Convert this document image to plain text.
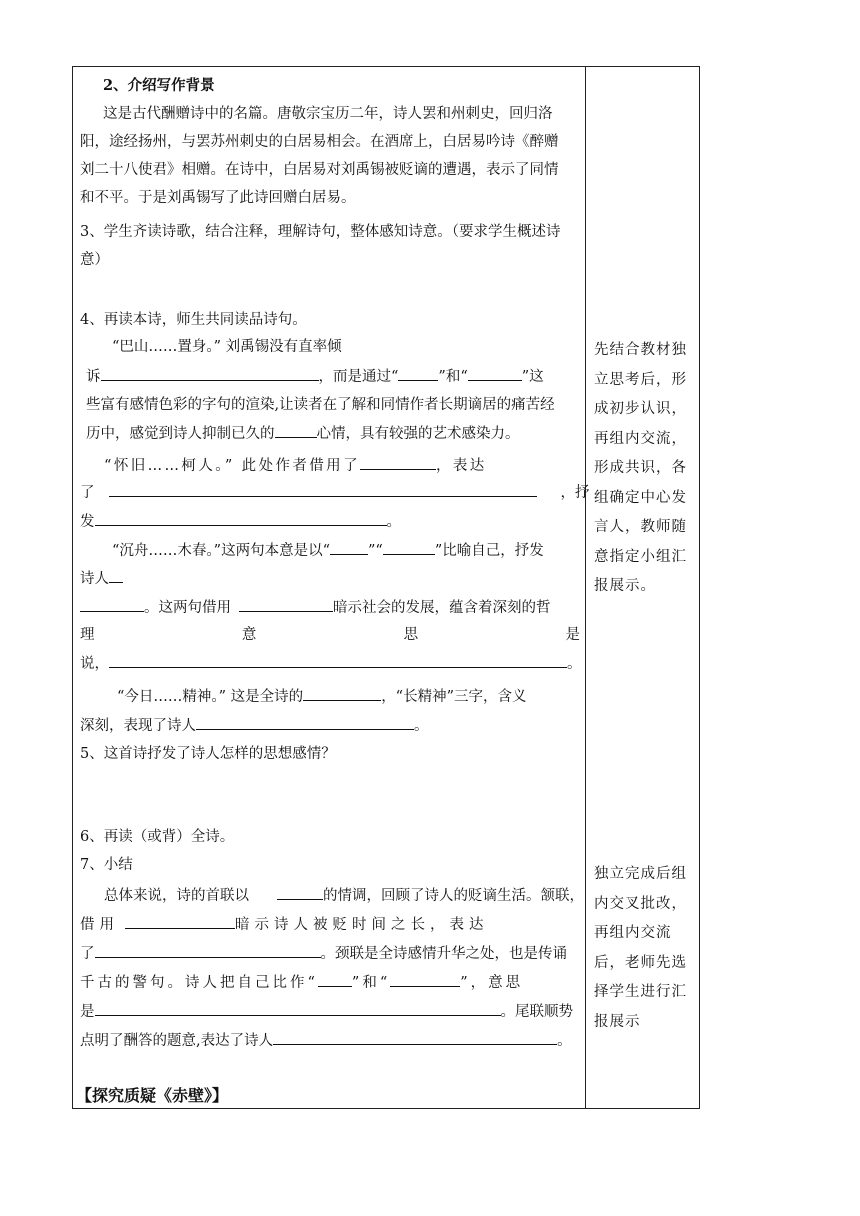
2、介绍写作背景
这是古代酬赠诗中的名篇。唐敬宗宝历二年，诗人罢和州刺史，回归洛
阳，途经扬州，与罢苏州刺史的白居易相会。在酒席上，白居易吟诗《醉赠
刘二十八使君》相赠。在诗中，白居易对刘禹锡被贬谪的遭遇，表示了同情
和不平。于是刘禹锡写了此诗回赠白居易。
3、学生齐读诗歌，结合注释，理解诗句，整体感知诗意。（要求学生概述诗
意）
4、再读本诗，师生共同读品诗句。
“巴山……置身。” 刘禹锡没有直率倾
诉	，而是通过“	”和“	”这
些富有感情色彩的字句的渲染,让读者在了解和同情作者长期谪居的痛苦经
历中，感觉到诗人抑制已久的	心情，具有较强的艺术感染力。
“怀旧……柯人。” 此处作者借用了	，表达
了	，抒
发	。
“沉舟……木春。”这两句本意是以“	”“	”比喻自己，抒发
诗人
。这两句借用	暗示社会的发展，蕴含着深刻的哲
理	意	思	是
说，	。
“今日……精神。” 这是全诗的	，“长精神”三字，含义
深刻，表现了诗人	。
5、这首诗抒发了诗人怎样的思想感情？
6、再读（或背）全诗。
7、小结
总体来说，诗的首联以	的情调，回顾了诗人的贬谪生活。颔联，
借用	暗示诗人被贬时间之长，表达
了	。颈联是全诗感情升华之处，也是传诵
千古的警句。诗人把自己比作“ ”和“	”，意思
是	。尾联顺势
点明了酬答的题意,表达了诗人	。
【探究质疑《赤壁》】
先结合教材独
立思考后，形
成初步认识，
再组内交流，
形成共识，各
组确定中心发
言人，教师随
意指定小组汇
报展示。
独立完成后组
内交叉批改，
再组内交流
后，老师先选
择学生进行汇
报展示
